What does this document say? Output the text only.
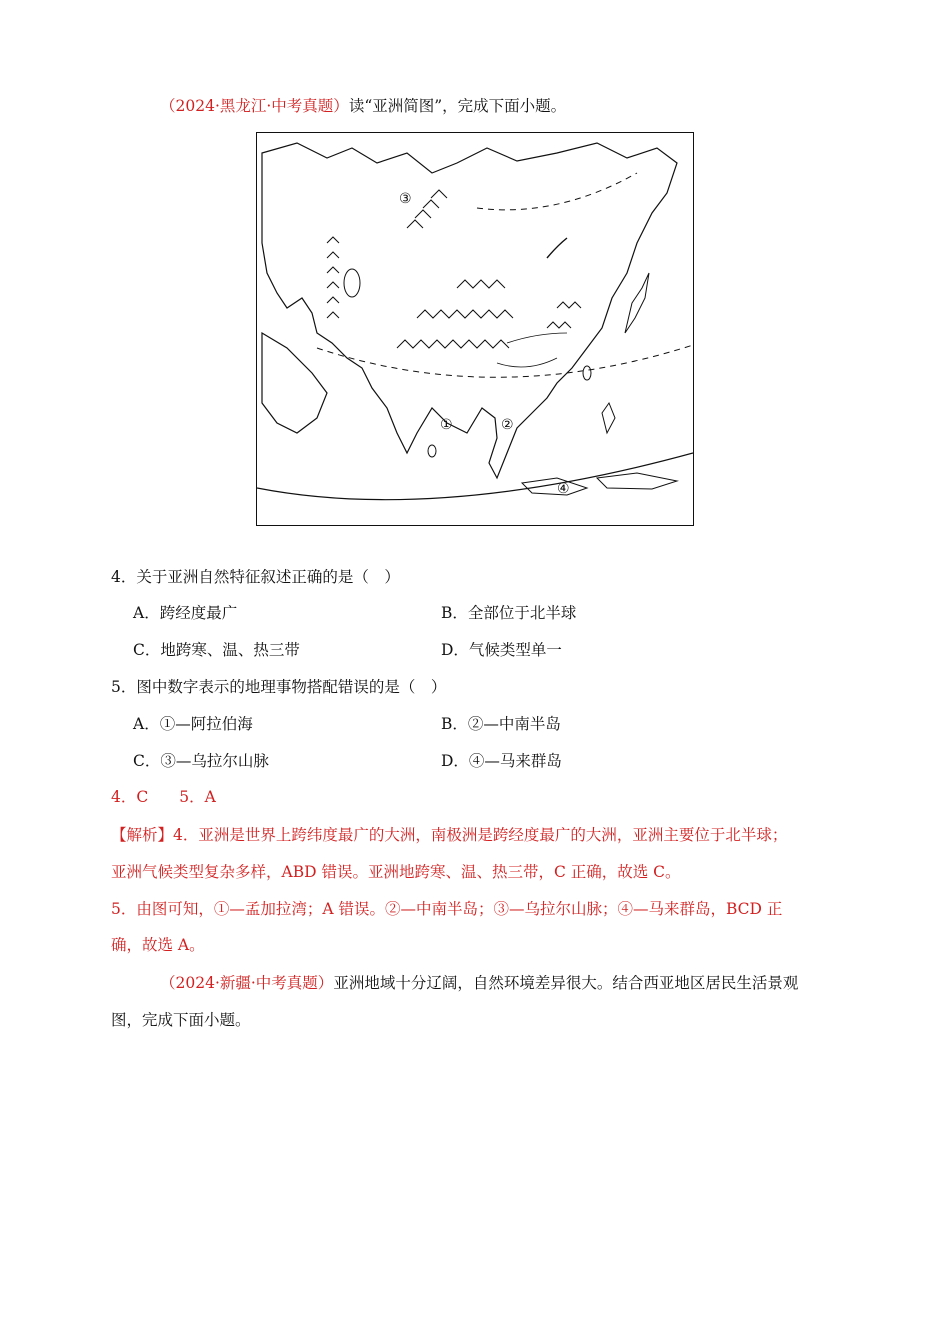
（2024·黑龙江·中考真题）读“亚洲简图”，完成下面小题。
③
①	②
④
4．关于亚洲自然特征叙述正确的是（　）
A．跨经度最广	B．全部位于北半球
C．地跨寒、温、热三带	D．气候类型单一
5．图中数字表示的地理事物搭配错误的是（　）
A．①—阿拉伯海	B．②—中南半岛
C．③—乌拉尔山脉	D．④—马来群岛
4．C　　5．A
【解析】4．亚洲是世界上跨纬度最广的大洲，南极洲是跨经度最广的大洲，亚洲主要位于北半球；
亚洲气候类型复杂多样，ABD 错误。亚洲地跨寒、温、热三带，C 正确，故选 C。
5．由图可知，①—孟加拉湾；A 错误。②—中南半岛；③—乌拉尔山脉；④—马来群岛，BCD 正
确，故选 A。
（2024·新疆·中考真题）亚洲地域十分辽阔，自然环境差异很大。结合西亚地区居民生活景观
图，完成下面小题。
